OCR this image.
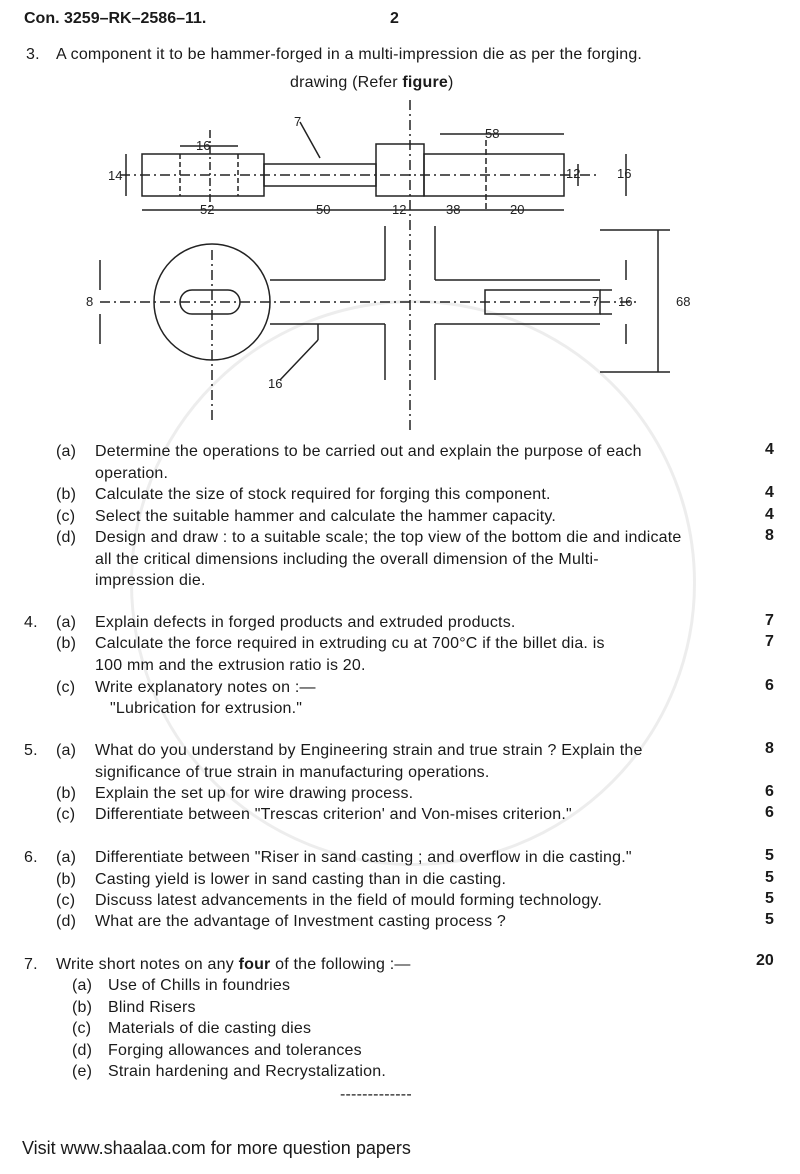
Con. 3259–RK–2586–11.	2
3. A component it to be hammer-forged in a multi-impression die as per the forging.
drawing (Refer figure)
7
16
58
14	12	16
52	50	12	38	20
8	7 16	68
16
(a) Determine the operations to be carried out and explain the purpose of each
operation.
4
(b) Calculate the size of stock required for forging this component.	4
(c) Select the suitable hammer and calculate the hammer capacity.	4
(d) Design and draw : to a suitable scale; the top view of the bottom die and indicate
all the critical dimensions including the overall dimension of the Multi-
impression die.
8
4. (a) Explain defects in forged products and extruded products.	7
(b) Calculate the force required in extruding cu at 700°C if the billet dia. is
100 mm and the extrusion ratio is 20.
7
(c) Write explanatory notes on :—
"Lubrication for extrusion."
6
5. (a) What do you understand by Engineering strain and true strain ? Explain the
significance of true strain in manufacturing operations.
8
(b) Explain the set up for wire drawing process.	6
(c) Differentiate between "Trescas criterion' and Von-mises criterion."	6
6. (a) Differentiate between "Riser in sand casting ; and overflow in die casting."	5
(b) Casting yield is lower in sand casting than in die casting.	5
(c) Discuss latest advancements in the field of mould forming technology.	5
(d) What are the advantage of Investment casting process ?	5
7. Write short notes on any four of the following :—	20
(a) Use of Chills in foundries
(b) Blind Risers
(c) Materials of die casting dies
(d) Forging allowances and tolerances
(e) Strain hardening and Recrystalization.
-------------
Visit www.shaalaa.com for more question papers
